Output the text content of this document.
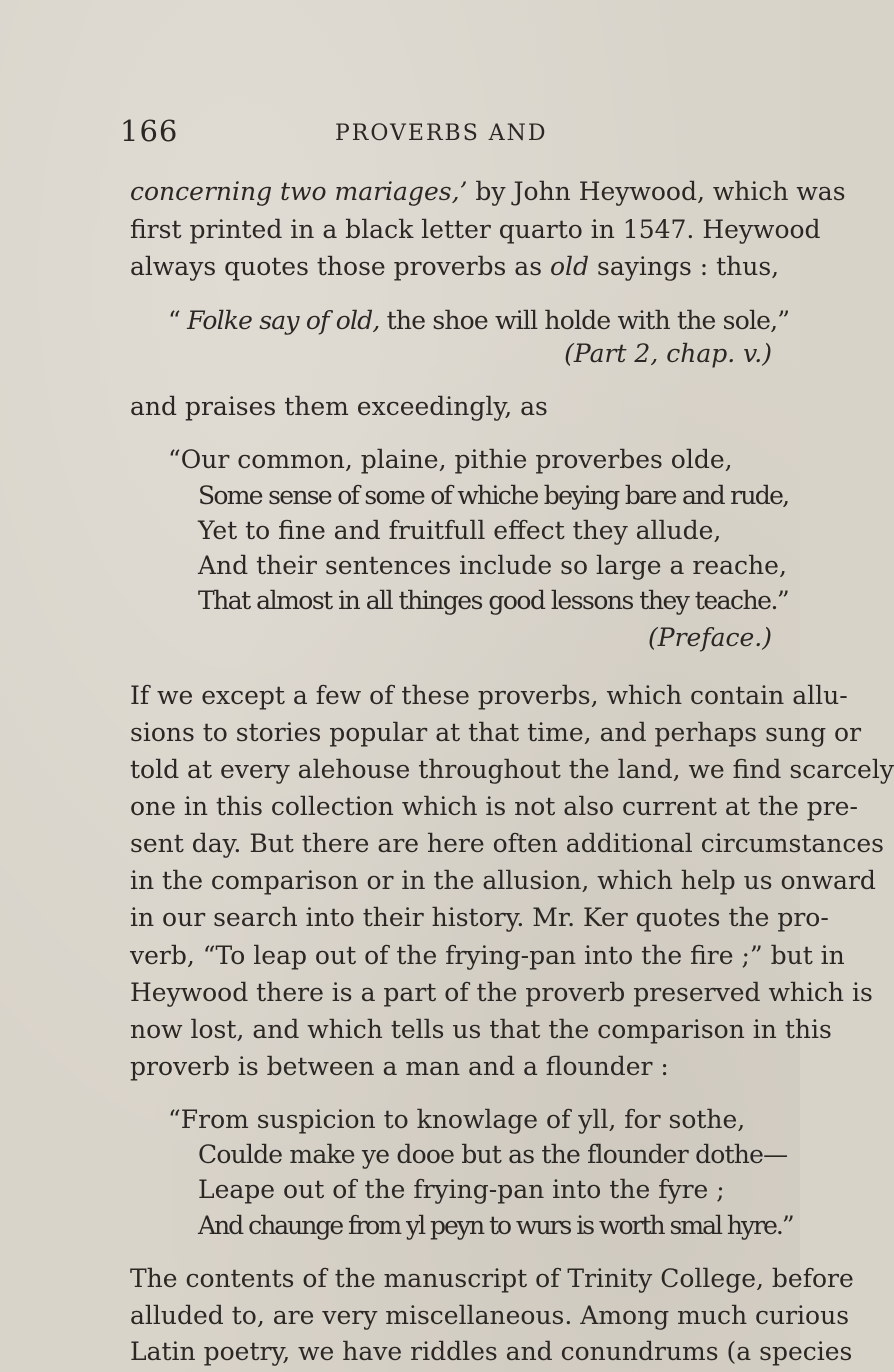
166	PROVERBS AND
concerning two mariages,’ by John Heywood, which was
first printed in a black letter quarto in 1547. Heywood
always quotes those proverbs as old sayings : thus,
“ Folke say of old, the shoe will holde with the sole,”
(Part 2, chap. v.)
and praises them exceedingly, as
“Our common, plaine, pithie proverbes olde,
Some sense of some of whiche beying bare and rude,
Yet to fine and fruitfull effect they allude,
And their sentences include so large a reache,
That almost in all thinges good lessons they teache.”
(Preface.)
If we except a few of these proverbs, which contain allu-
sions to stories popular at that time, and perhaps sung or
told at every alehouse throughout the land, we find scarcely
one in this collection which is not also current at the pre-
sent day. But there are here often additional circumstances
in the comparison or in the allusion, which help us onward
in our search into their history. Mr. Ker quotes the pro-
verb, “To leap out of the frying-pan into the fire ;” but in
Heywood there is a part of the proverb preserved which is
now lost, and which tells us that the comparison in this
proverb is between a man and a flounder :
“From suspicion to knowlage of yll, for sothe,
Coulde make ye dooe but as the flounder dothe—
Leape out of the frying-pan into the fyre ;
And chaunge from yl peyn to wurs is worth smal hyre.”
The contents of the manuscript of Trinity College, before
alluded to, are very miscellaneous. Among much curious
Latin poetry, we have riddles and conundrums (a species
